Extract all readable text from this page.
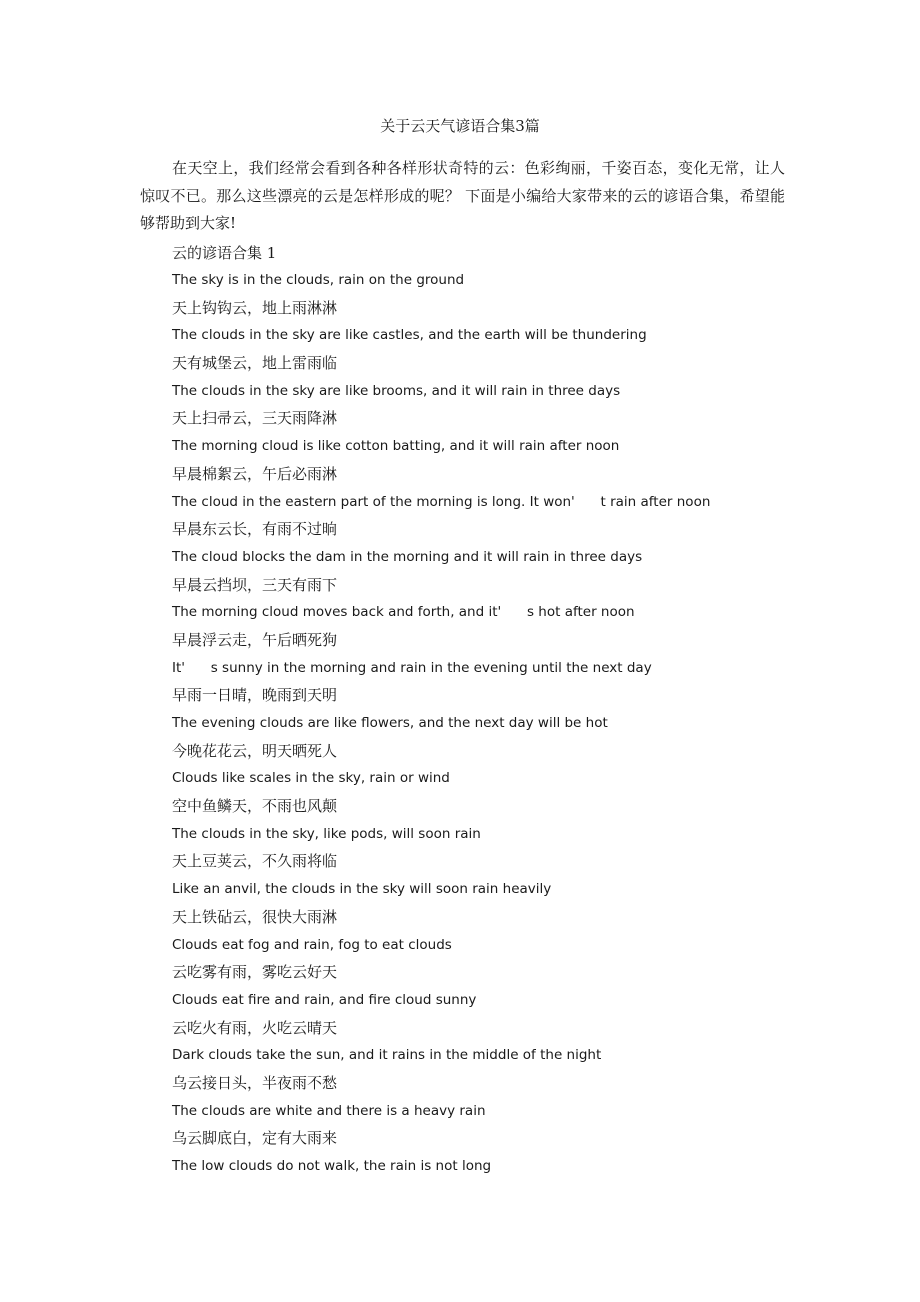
关于云天气谚语合集3篇

在天空上，我们经常会看到各种各样形状奇特的云：色彩绚丽，千姿百态，变化无常，让人惊叹不已。那么这些漂亮的云是怎样形成的呢？ 下面是小编给大家带来的云的谚语合集，希望能够帮助到大家!

云的谚语合集 1
The sky is in the clouds, rain on the ground
天上钩钩云，地上雨淋淋
The clouds in the sky are like castles, and the earth will be thundering
天有城堡云，地上雷雨临
The clouds in the sky are like brooms, and it will rain in three days
天上扫帚云，三天雨降淋
The morning cloud is like cotton batting, and it will rain after noon
早晨棉絮云，午后必雨淋
The cloud in the eastern part of the morning is long. It won'      t rain after noon
早晨东云长，有雨不过晌
The cloud blocks the dam in the morning and it will rain in three days
早晨云挡坝，三天有雨下
The morning cloud moves back and forth, and it'      s hot after noon
早晨浮云走，午后晒死狗
It'      s sunny in the morning and rain in the evening until the next day
早雨一日晴，晚雨到天明
The evening clouds are like flowers, and the next day will be hot
今晚花花云，明天晒死人
Clouds like scales in the sky, rain or wind
空中鱼鳞天，不雨也风颠
The clouds in the sky, like pods, will soon rain
天上豆荚云，不久雨将临
Like an anvil, the clouds in the sky will soon rain heavily
天上铁砧云，很快大雨淋
Clouds eat fog and rain, fog to eat clouds
云吃雾有雨，雾吃云好天
Clouds eat fire and rain, and fire cloud sunny
云吃火有雨，火吃云晴天
Dark clouds take the sun, and it rains in the middle of the night
乌云接日头，半夜雨不愁
The clouds are white and there is a heavy rain
乌云脚底白，定有大雨来
The low clouds do not walk, the rain is not long
